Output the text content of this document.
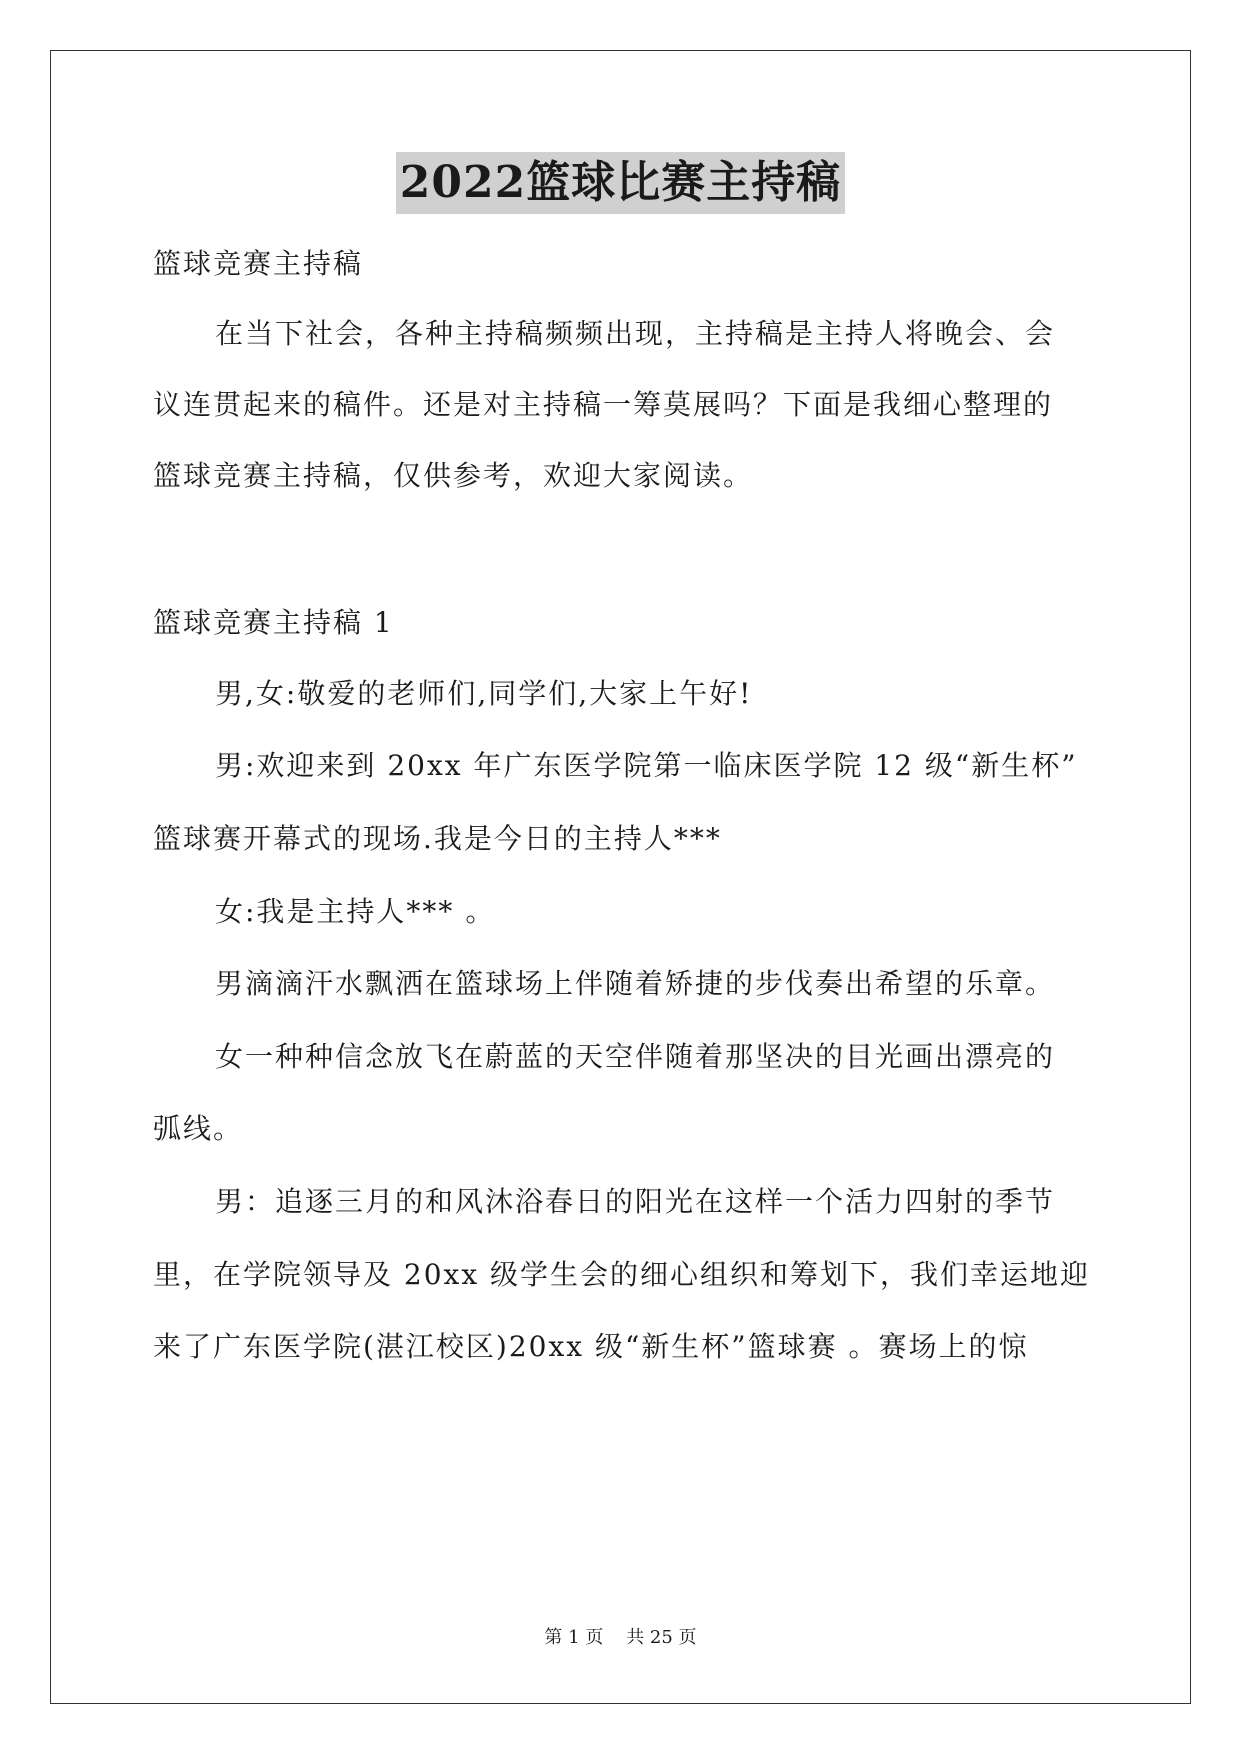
2022篮球比赛主持稿
篮球竞赛主持稿
在当下社会，各种主持稿频频出现，主持稿是主持人将晚会、会
议连贯起来的稿件。还是对主持稿一筹莫展吗？下面是我细心整理的
篮球竞赛主持稿，仅供参考，欢迎大家阅读。
篮球竞赛主持稿 1
男,女:敬爱的老师们,同学们,大家上午好!
男:欢迎来到 20xx 年广东医学院第一临床医学院 12 级“新生杯”
篮球赛开幕式的现场.我是今日的主持人***
女:我是主持人*** 。
男滴滴汗水飘洒在篮球场上伴随着矫捷的步伐奏出希望的乐章。
女一种种信念放飞在蔚蓝的天空伴随着那坚决的目光画出漂亮的
弧线。
男：追逐三月的和风沐浴春日的阳光在这样一个活力四射的季节
里，在学院领导及 20xx 级学生会的细心组织和筹划下，我们幸运地迎
来了广东医学院(湛江校区)20xx 级“新生杯”篮球赛 。赛场上的惊
第 1 页    共 25 页
